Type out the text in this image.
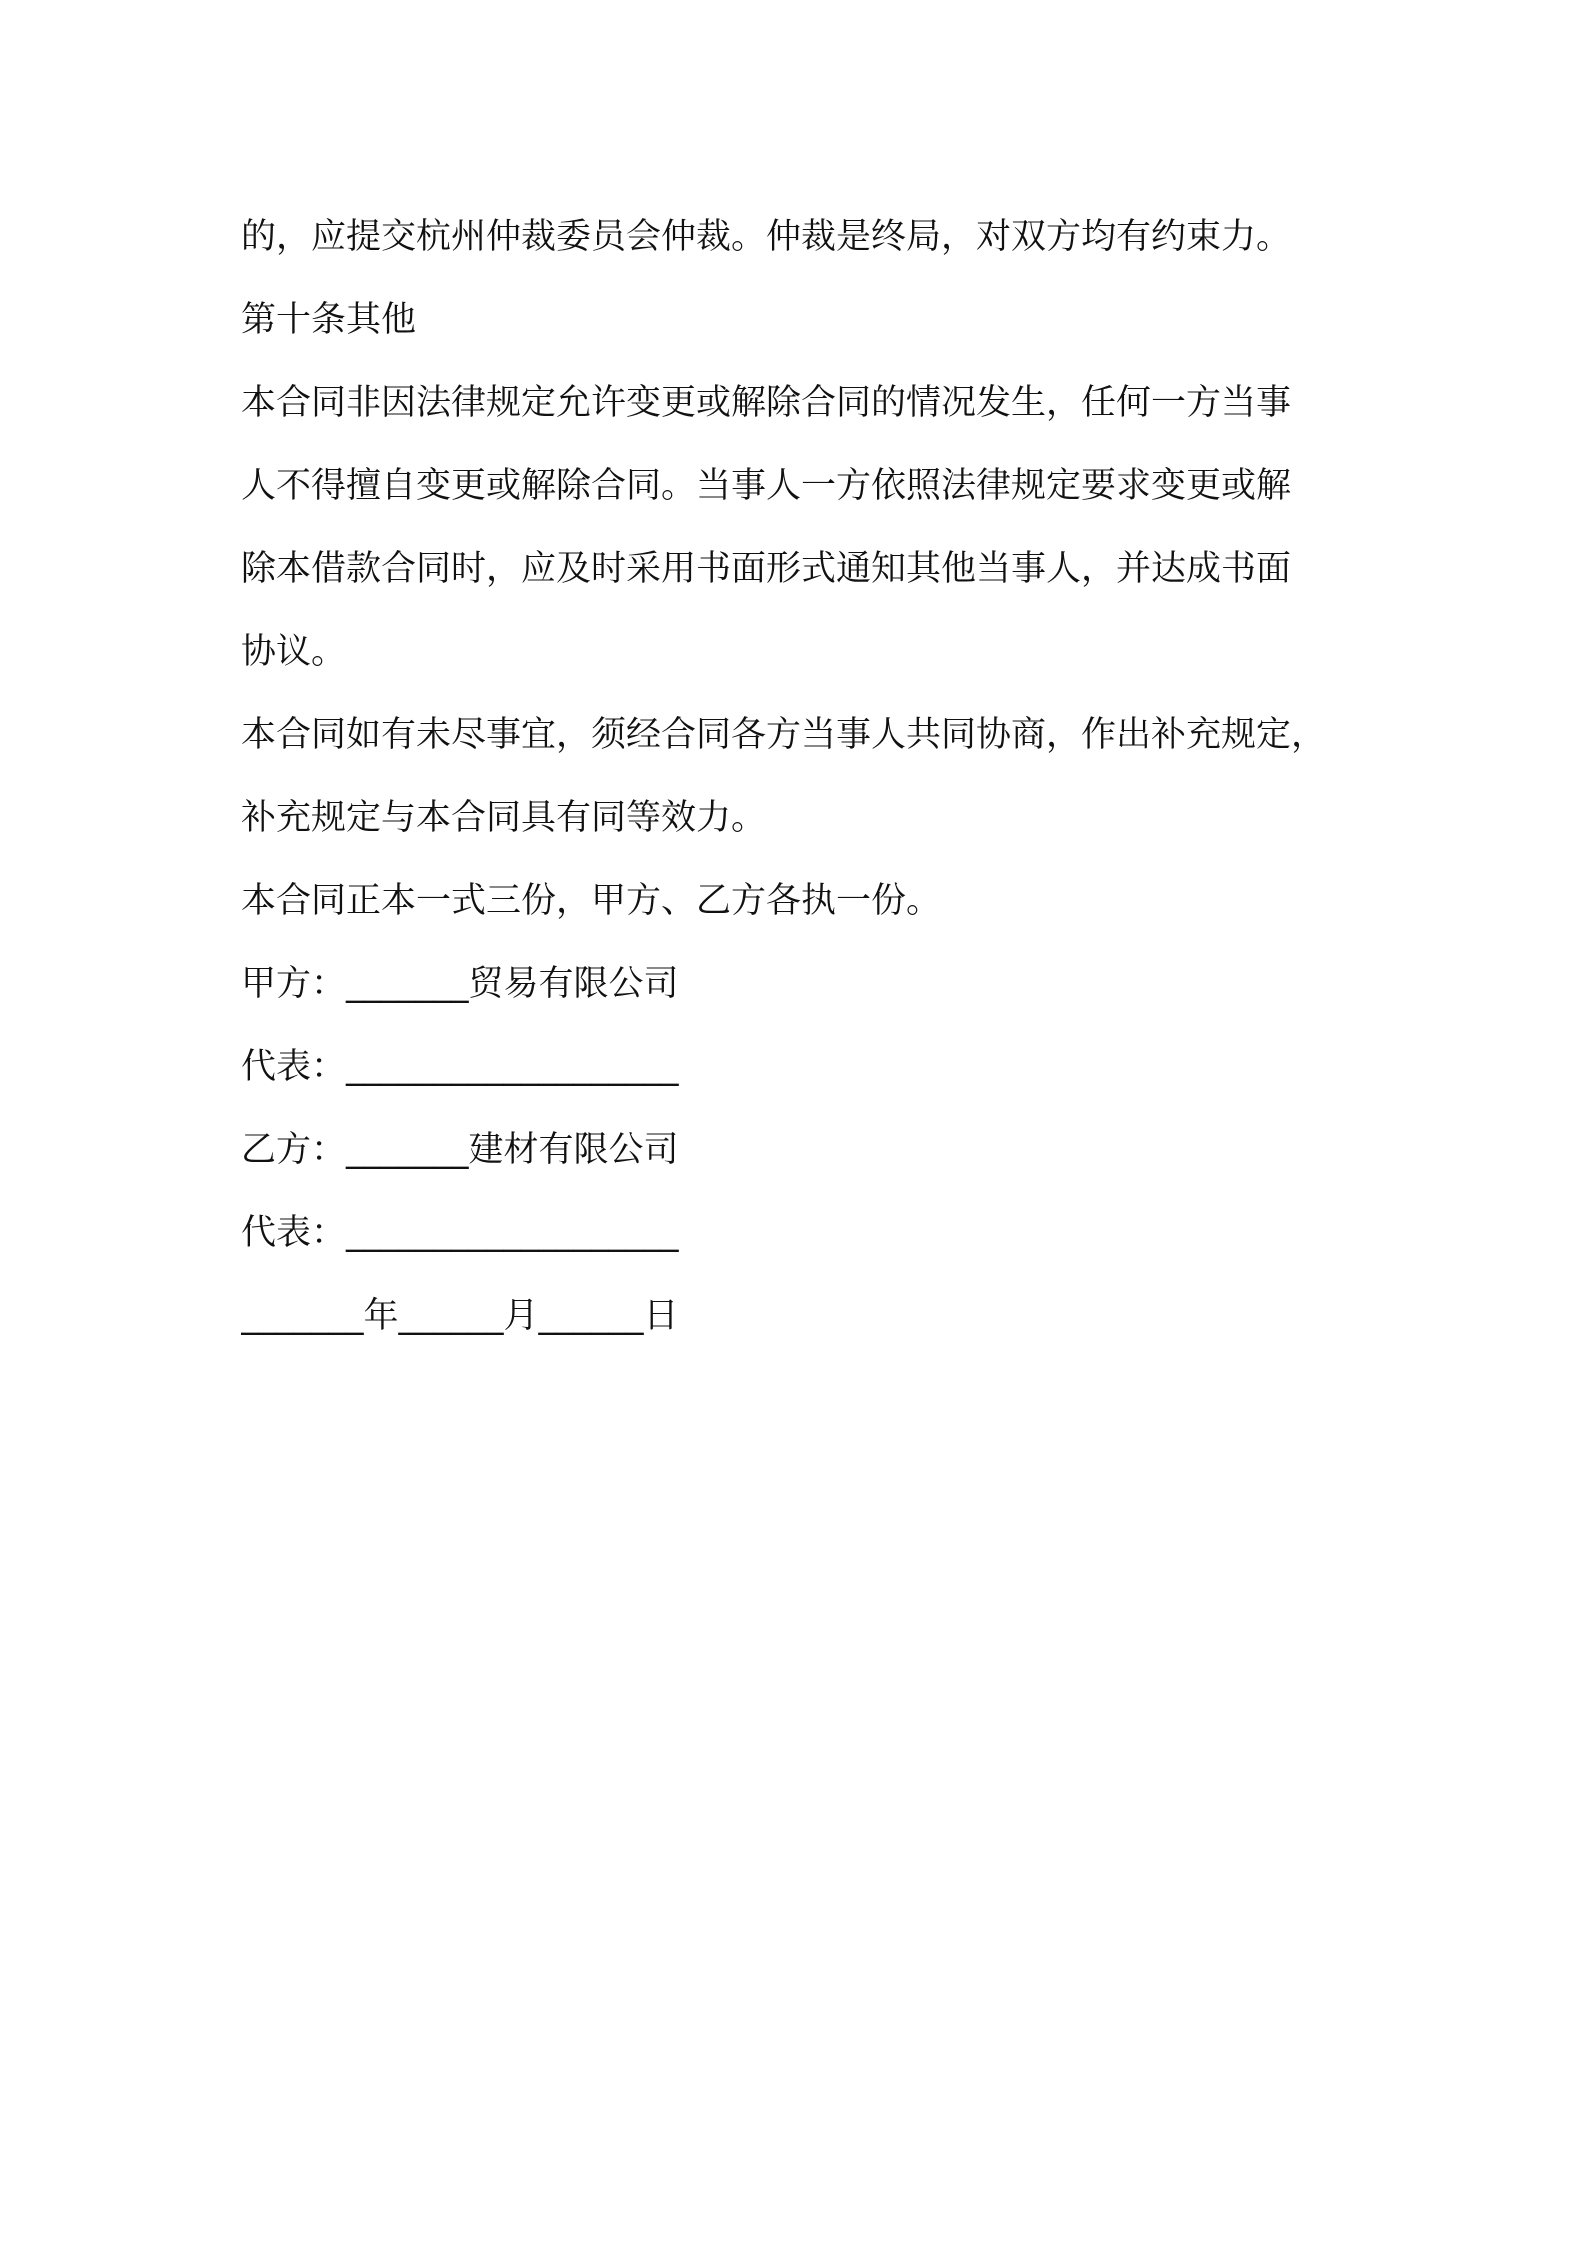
的，应提交杭州仲裁委员会仲裁。仲裁是终局，对双方均有约束力。
第十条其他
本合同非因法律规定允许变更或解除合同的情况发生，任何一方当事
人不得擅自变更或解除合同。当事人一方依照法律规定要求变更或解
除本借款合同时，应及时采用书面形式通知其他当事人，并达成书面
协议。
本合同如有未尽事宜，须经合同各方当事人共同协商，作出补充规定，
补充规定与本合同具有同等效力。
本合同正本一式三份，甲方、乙方各执一份。
甲方：_______贸易有限公司
代表：___________________
乙方：_______建材有限公司
代表：___________________
_______年______月______日
